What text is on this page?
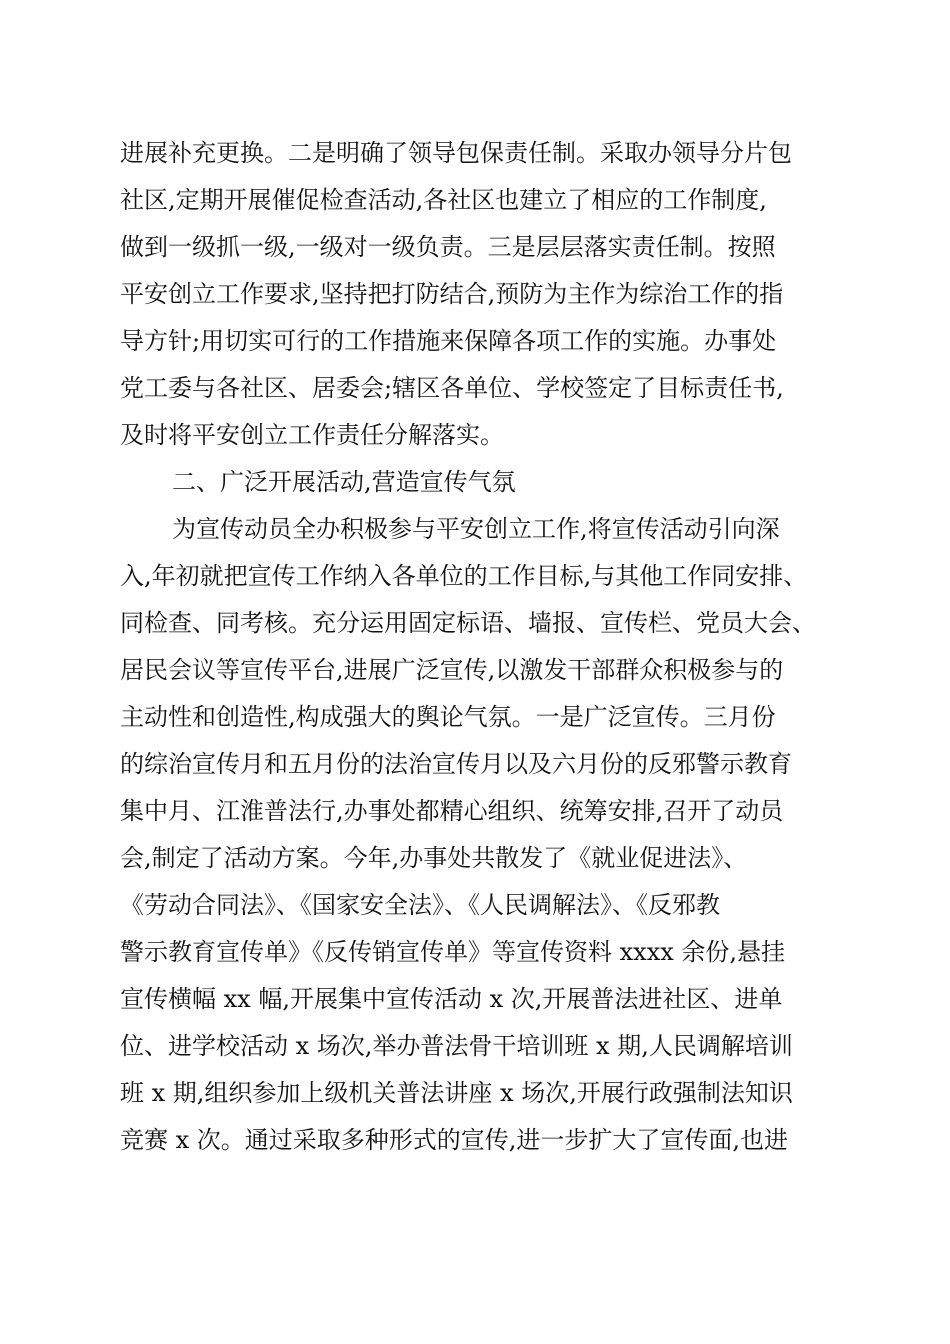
进展补充更换。二是明确了领导包保责任制。采取办领导分片包
社区,定期开展催促检查活动,各社区也建立了相应的工作制度,
做到一级抓一级,一级对一级负责。三是层层落实责任制。按照
平安创立工作要求,坚持把打防结合,预防为主作为综治工作的指
导方针;用切实可行的工作措施来保障各项工作的实施。办事处
党工委与各社区、居委会;辖区各单位、学校签定了目标责任书,
及时将平安创立工作责任分解落实。
二、广泛开展活动,营造宣传气氛
为宣传动员全办积极参与平安创立工作,将宣传活动引向深
入,年初就把宣传工作纳入各单位的工作目标,与其他工作同安排、
同检查、同考核。充分运用固定标语、墙报、宣传栏、党员大会、
居民会议等宣传平台,进展广泛宣传,以激发干部群众积极参与的
主动性和创造性,构成强大的舆论气氛。一是广泛宣传。三月份
的综治宣传月和五月份的法治宣传月以及六月份的反邪警示教育
集中月、江淮普法行,办事处都精心组织、统筹安排,召开了动员
会,制定了活动方案。今年,办事处共散发了《就业促进法》、
《劳动合同法》、《国家安全法》、《人民调解法》、《反邪教
警示教育宣传单》《反传销宣传单》等宣传资料 xxxx 余份,悬挂
宣传横幅 xx 幅,开展集中宣传活动 x 次,开展普法进社区、进单
位、进学校活动 x 场次,举办普法骨干培训班 x 期,人民调解培训
班 x 期,组织参加上级机关普法讲座 x 场次,开展行政强制法知识
竞赛 x 次。通过采取多种形式的宣传,进一步扩大了宣传面,也进
